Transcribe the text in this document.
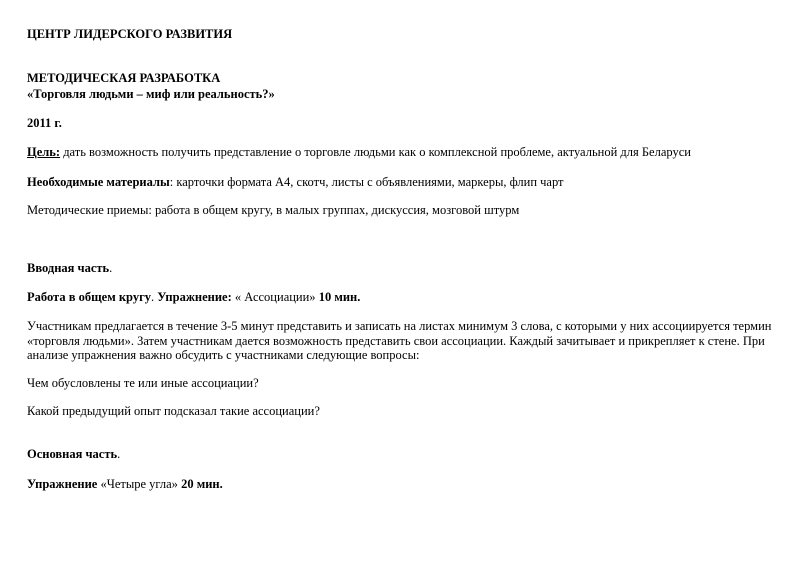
ЦЕНТР ЛИДЕРСКОГО РАЗВИТИЯ
МЕТОДИЧЕСКАЯ РАЗРАБОТКА
«Торговля людьми – миф или реальность?»
2011 г.
Цель: дать возможность получить представление о торговле людьми как о комплексной проблеме, актуальной для Беларуси
Необходимые материалы: карточки формата А4, скотч, листы с объявлениями, маркеры, флип чарт
Методические приемы: работа в общем кругу, в малых группах, дискуссия, мозговой штурм
Вводная часть.
Работа в общем кругу. Упражнение: « Ассоциации» 10 мин.
Участникам предлагается в течение 3-5 минут представить и записать на листах минимум 3 слова, с которыми у них ассоциируется термин «торговля людьми». Затем участникам дается возможность представить свои ассоциации. Каждый зачитывает и прикрепляет к стене. При анализе упражнения важно обсудить с участниками следующие вопросы:
Чем обусловлены те или иные ассоциации?
Какой предыдущий опыт подсказал такие ассоциации?
Основная часть.
Упражнение «Четыре угла» 20 мин.
